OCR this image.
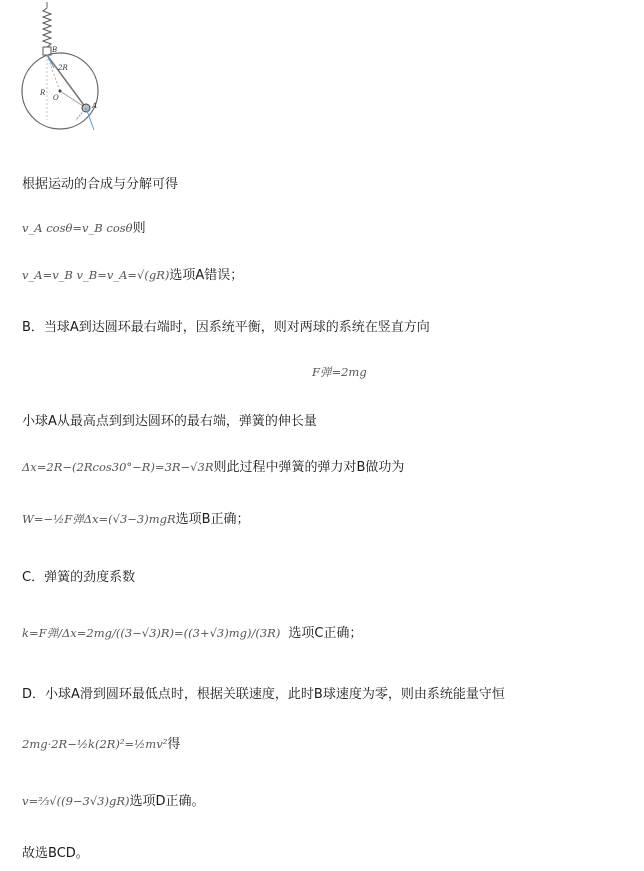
B
2R
R
O
A
根据运动的合成与分解可得
v_A cosθ=v_B cosθ则
v_A=v_B v_B=v_A=√(gR)选项A错误；
B．当球A到达圆环最右端时，因系统平衡，则对两球的系统在竖直方向
F弹=2mg
小球A从最高点到到达圆环的最右端，弹簧的伸长量
Δx=2R−(2Rcos30°−R)=3R−√3R则此过程中弹簧的弹力对B做功为
W=−½F弹Δx=(√3−3)mgR选项B正确；
C．弹簧的劲度系数
k=F弹/Δx=2mg/((3−√3)R)=((3+√3)mg)/(3R) 选项C正确；
D．小球A滑到圆环最低点时，根据关联速度，此时B球速度为零，则由系统能量守恒
2mg·2R−½k(2R)²=½mv²得
v=⅔√((9−3√3)gR)选项D正确。
故选BCD。
